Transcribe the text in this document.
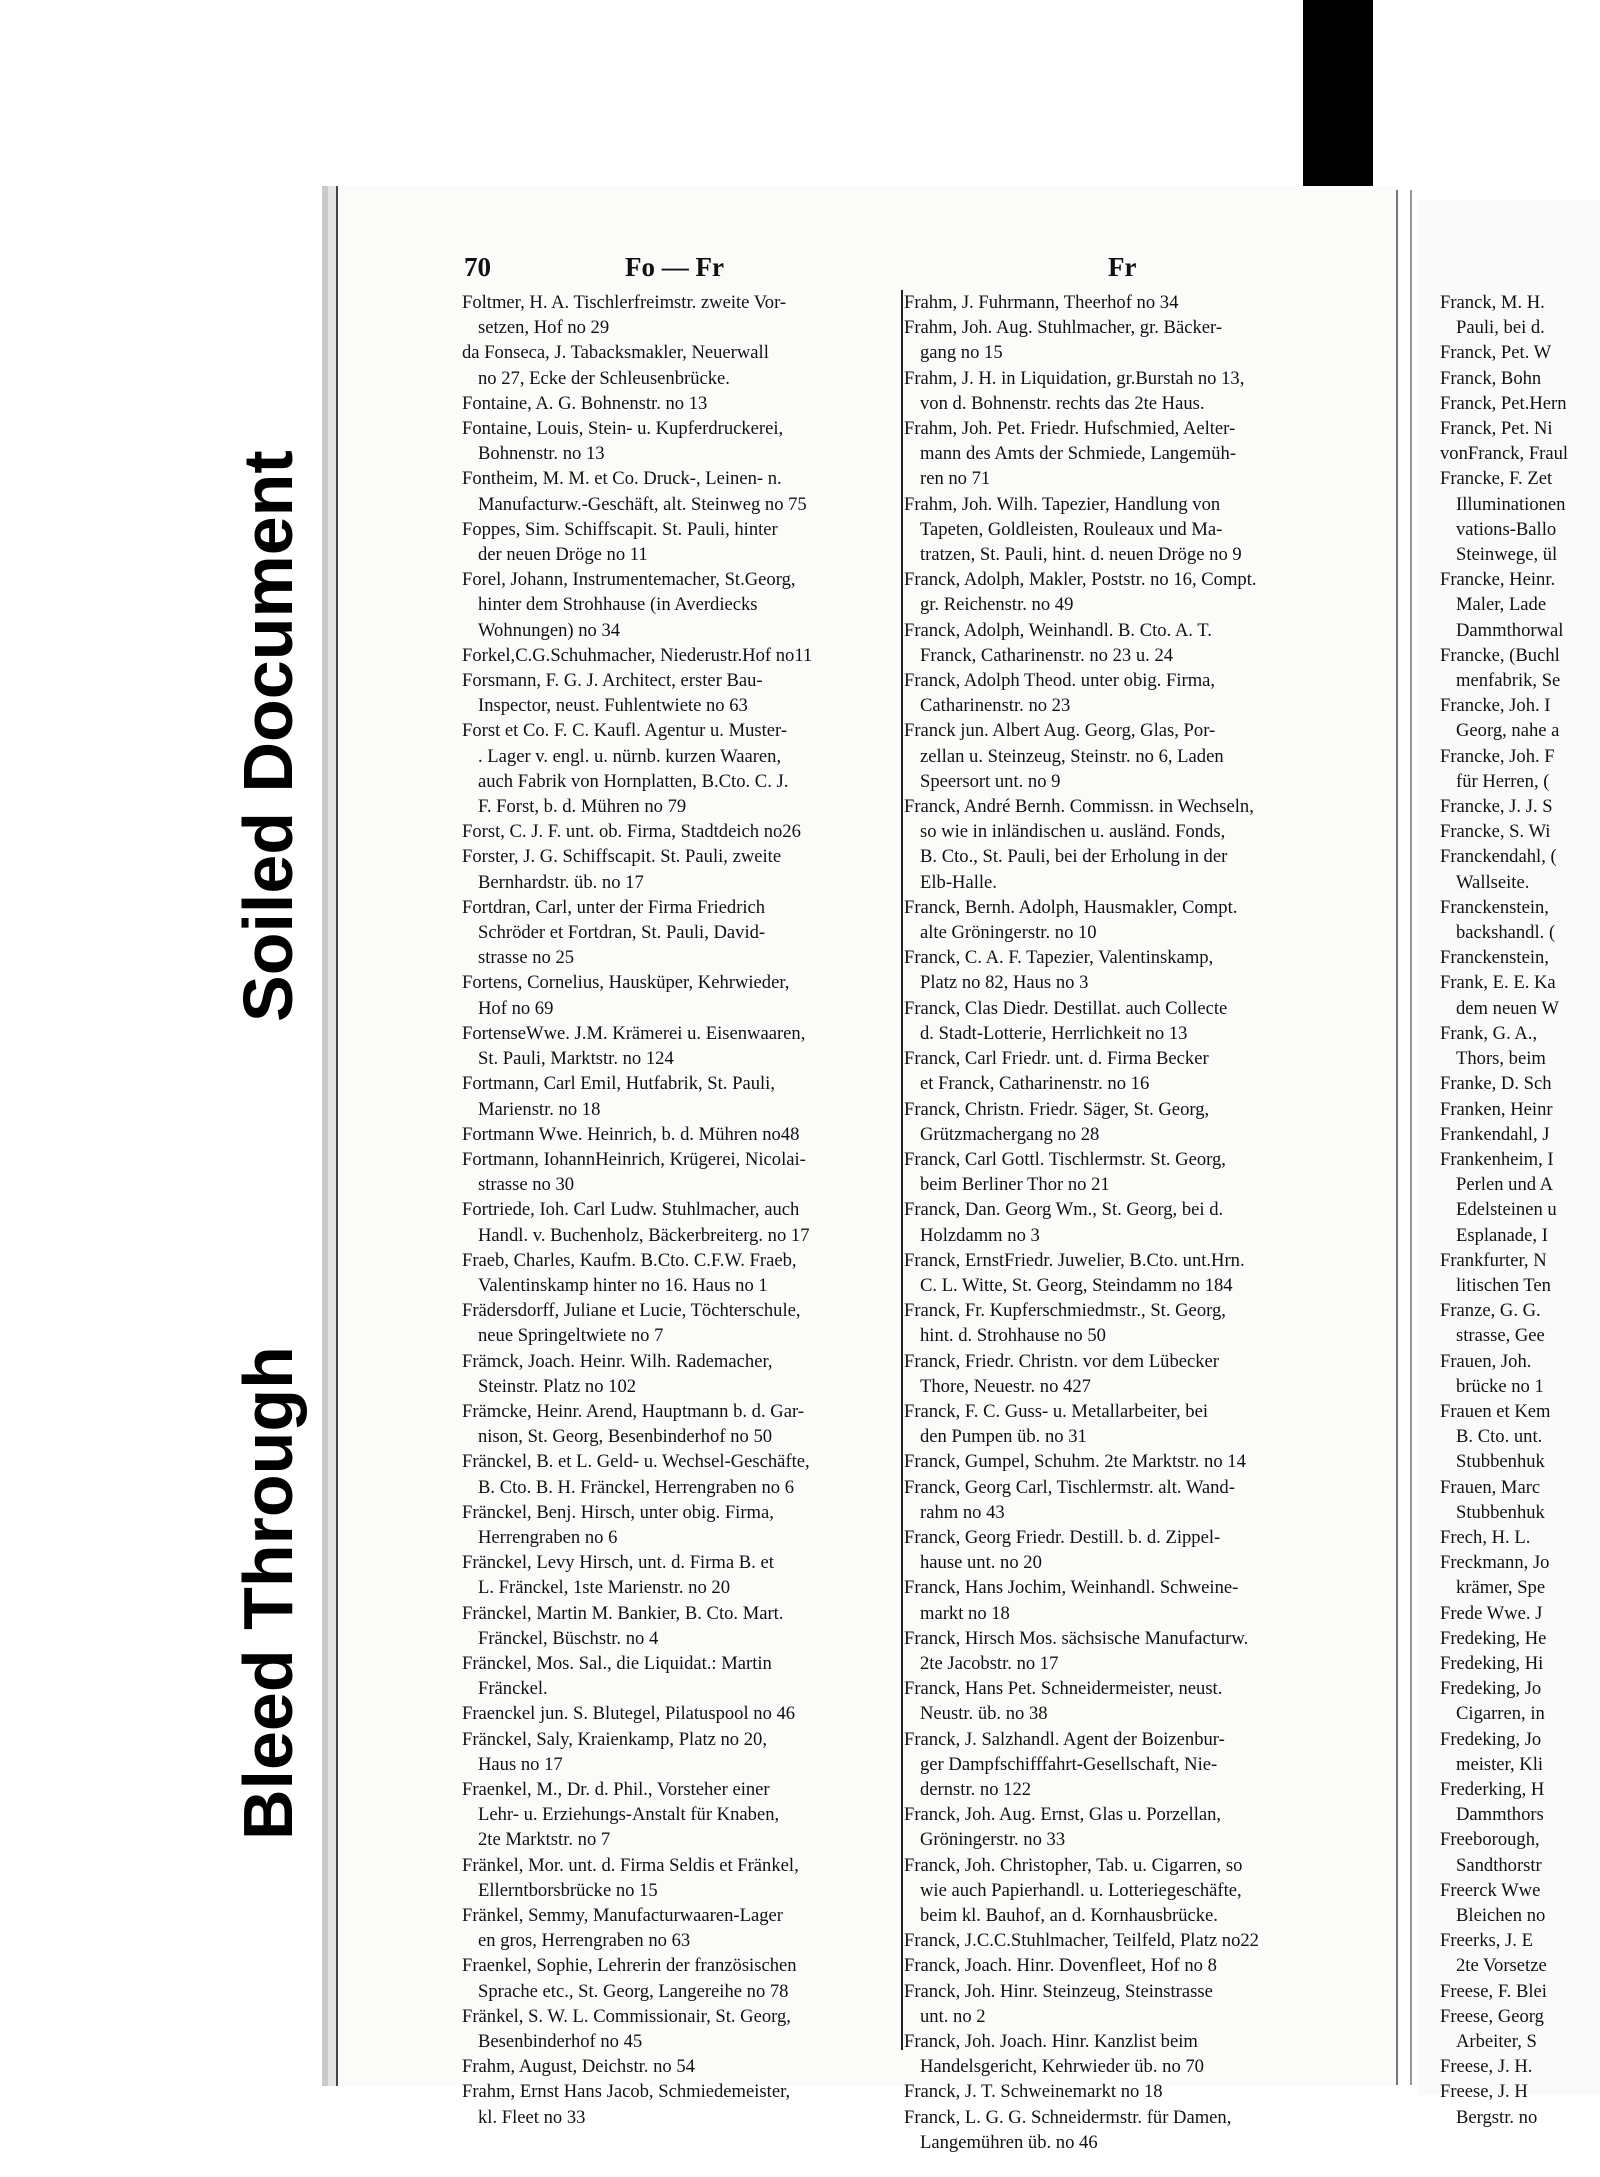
Soiled Document
Bleed Through
70	Fo — Fr	Fr
Foltmer, H. A. Tischlerfreimstr. zweite Vor-
setzen, Hof no 29
da Fonseca, J. Tabacksmakler, Neuerwall
no 27, Ecke der Schleusenbrücke.
Fontaine, A. G. Bohnenstr. no 13
Fontaine, Louis, Stein- u. Kupferdruckerei,
Bohnenstr. no 13
Fontheim, M. M. et Co. Druck-, Leinen- n.
Manufacturw.-Geschäft, alt. Steinweg no 75
Foppes, Sim. Schiffscapit. St. Pauli, hinter
der neuen Dröge no 11
Forel, Johann, Instrumentemacher, St.Georg,
hinter dem Strohhause (in Averdiecks
Wohnungen) no 34
Forkel,C.G.Schuhmacher, Niederustr.Hof no11
Forsmann, F. G. J. Architect, erster Bau-
Inspector, neust. Fuhlentwiete no 63
Forst et Co. F. C. Kaufl. Agentur u. Muster-
. Lager v. engl. u. nürnb. kurzen Waaren,
auch Fabrik von Hornplatten, B.Cto. C. J.
F. Forst, b. d. Mühren no 79
Forst, C. J. F. unt. ob. Firma, Stadtdeich no26
Forster, J. G. Schiffscapit. St. Pauli, zweite
Bernhardstr. üb. no 17
Fortdran, Carl, unter der Firma Friedrich
Schröder et Fortdran, St. Pauli, David-
strasse no 25
Fortens, Cornelius, Hausküper, Kehrwieder,
Hof no 69
FortenseWwe. J.M. Krämerei u. Eisenwaaren,
St. Pauli, Marktstr. no 124
Fortmann, Carl Emil, Hutfabrik, St. Pauli,
Marienstr. no 18
Fortmann Wwe. Heinrich, b. d. Mühren no48
Fortmann, IohannHeinrich, Krügerei, Nicolai-
strasse no 30
Fortriede, Ioh. Carl Ludw. Stuhlmacher, auch
Handl. v. Buchenholz, Bäckerbreiterg. no 17
Fraeb, Charles, Kaufm. B.Cto. C.F.W. Fraeb,
Valentinskamp hinter no 16. Haus no 1
Frädersdorff, Juliane et Lucie, Töchterschule,
neue Springeltwiete no 7
Främck, Joach. Heinr. Wilh. Rademacher,
Steinstr. Platz no 102
Främcke, Heinr. Arend, Hauptmann b. d. Gar-
nison, St. Georg, Besenbinderhof no 50
Fränckel, B. et L. Geld- u. Wechsel-Geschäfte,
B. Cto. B. H. Fränckel, Herrengraben no 6
Fränckel, Benj. Hirsch, unter obig. Firma,
Herrengraben no 6
Fränckel, Levy Hirsch, unt. d. Firma B. et
L. Fränckel, 1ste Marienstr. no 20
Fränckel, Martin M. Bankier, B. Cto. Mart.
Fränckel, Büschstr. no 4
Fränckel, Mos. Sal., die Liquidat.: Martin
Fränckel.
Fraenckel jun. S. Blutegel, Pilatuspool no 46
Fränckel, Saly, Kraienkamp, Platz no 20,
Haus no 17
Fraenkel, M., Dr. d. Phil., Vorsteher einer
Lehr- u. Erziehungs-Anstalt für Knaben,
2te Marktstr. no 7
Fränkel, Mor. unt. d. Firma Seldis et Fränkel,
Ellerntborsbrücke no 15
Fränkel, Semmy, Manufacturwaaren-Lager
en gros, Herrengraben no 63
Fraenkel, Sophie, Lehrerin der französischen
Sprache etc., St. Georg, Langereihe no 78
Fränkel, S. W. L. Commissionair, St. Georg,
Besenbinderhof no 45
Frahm, August, Deichstr. no 54
Frahm, Ernst Hans Jacob, Schmiedemeister,
kl. Fleet no 33
Frahm, J. Fuhrmann, Theerhof no 34
Frahm, Joh. Aug. Stuhlmacher, gr. Bäcker-
gang no 15
Frahm, J. H. in Liquidation, gr.Burstah no 13,
von d. Bohnenstr. rechts das 2te Haus.
Frahm, Joh. Pet. Friedr. Hufschmied, Aelter-
mann des Amts der Schmiede, Langemüh-
ren no 71
Frahm, Joh. Wilh. Tapezier, Handlung von
Tapeten, Goldleisten, Rouleaux und Ma-
tratzen, St. Pauli, hint. d. neuen Dröge no 9
Franck, Adolph, Makler, Poststr. no 16, Compt.
gr. Reichenstr. no 49
Franck, Adolph, Weinhandl. B. Cto. A. T.
Franck, Catharinenstr. no 23 u. 24
Franck, Adolph Theod. unter obig. Firma,
Catharinenstr. no 23
Franck jun. Albert Aug. Georg, Glas, Por-
zellan u. Steinzeug, Steinstr. no 6, Laden
Speersort unt. no 9
Franck, André Bernh. Commissn. in Wechseln,
so wie in inländischen u. ausländ. Fonds,
B. Cto., St. Pauli, bei der Erholung in der
Elb-Halle.
Franck, Bernh. Adolph, Hausmakler, Compt.
alte Gröningerstr. no 10
Franck, C. A. F. Tapezier, Valentinskamp,
Platz no 82, Haus no 3
Franck, Clas Diedr. Destillat. auch Collecte
d. Stadt-Lotterie, Herrlichkeit no 13
Franck, Carl Friedr. unt. d. Firma Becker
et Franck, Catharinenstr. no 16
Franck, Christn. Friedr. Säger, St. Georg,
Grützmachergang no 28
Franck, Carl Gottl. Tischlermstr. St. Georg,
beim Berliner Thor no 21
Franck, Dan. Georg Wm., St. Georg, bei d.
Holzdamm no 3
Franck, ErnstFriedr. Juwelier, B.Cto. unt.Hrn.
C. L. Witte, St. Georg, Steindamm no 184
Franck, Fr. Kupferschmiedmstr., St. Georg,
hint. d. Strohhause no 50
Franck, Friedr. Christn. vor dem Lübecker
Thore, Neuestr. no 427
Franck, F. C. Guss- u. Metallarbeiter, bei
den Pumpen üb. no 31
Franck, Gumpel, Schuhm. 2te Marktstr. no 14
Franck, Georg Carl, Tischlermstr. alt. Wand-
rahm no 43
Franck, Georg Friedr. Destill. b. d. Zippel-
hause unt. no 20
Franck, Hans Jochim, Weinhandl. Schweine-
markt no 18
Franck, Hirsch Mos. sächsische Manufacturw.
2te Jacobstr. no 17
Franck, Hans Pet. Schneidermeister, neust.
Neustr. üb. no 38
Franck, J. Salzhandl. Agent der Boizenbur-
ger Dampfschifffahrt-Gesellschaft, Nie-
dernstr. no 122
Franck, Joh. Aug. Ernst, Glas u. Porzellan,
Gröningerstr. no 33
Franck, Joh. Christopher, Tab. u. Cigarren, so
wie auch Papierhandl. u. Lotteriegeschäfte,
beim kl. Bauhof, an d. Kornhausbrücke.
Franck, J.C.C.Stuhlmacher, Teilfeld, Platz no22
Franck, Joach. Hinr. Dovenfleet, Hof no 8
Franck, Joh. Hinr. Steinzeug, Steinstrasse
unt. no 2
Franck, Joh. Joach. Hinr. Kanzlist beim
Handelsgericht, Kehrwieder üb. no 70
Franck, J. T. Schweinemarkt no 18
Franck, L. G. G. Schneidermstr. für Damen,
Langemühren üb. no 46
Franck, M. H.
Pauli, bei d.
Franck, Pet. W
Franck, Bohn
Franck, Pet.Hern
Franck, Pet. Ni
vonFranck, Fraul
Francke, F. Zet
Illuminationen
vations-Ballo
Steinwege, ül
Francke, Heinr.
Maler, Lade
Dammthorwal
Francke, (Buchl
menfabrik, Se
Francke, Joh. I
Georg, nahe a
Francke, Joh. F
für Herren, (
Francke, J. J. S
Francke, S. Wi
Franckendahl, (
Wallseite.
Franckenstein,
backshandl. (
Franckenstein,
Frank, E. E. Ka
dem neuen W
Frank, G. A.,
Thors, beim
Franke, D. Sch
Franken, Heinr
Frankendahl, J
Frankenheim, I
Perlen und A
Edelsteinen u
Esplanade, I
Frankfurter, N
litischen Ten
Franze, G. G.
strasse, Gee
Frauen, Joh.
brücke no 1
Frauen et Kem
B. Cto. unt.
Stubbenhuk
Frauen, Marc
Stubbenhuk
Frech, H. L.
Freckmann, Jo
krämer, Spe
Frede Wwe. J
Fredeking, He
Fredeking, Hi
Fredeking, Jo
Cigarren, in
Fredeking, Jo
meister, Kli
Frederking, H
Dammthors
Freeborough,
Sandthorstr
Freerck Wwe
Bleichen no
Freerks, J. E
2te Vorsetze
Freese, F. Blei
Freese, Georg
Arbeiter, S
Freese, J. H.
Freese, J. H
Bergstr. no
